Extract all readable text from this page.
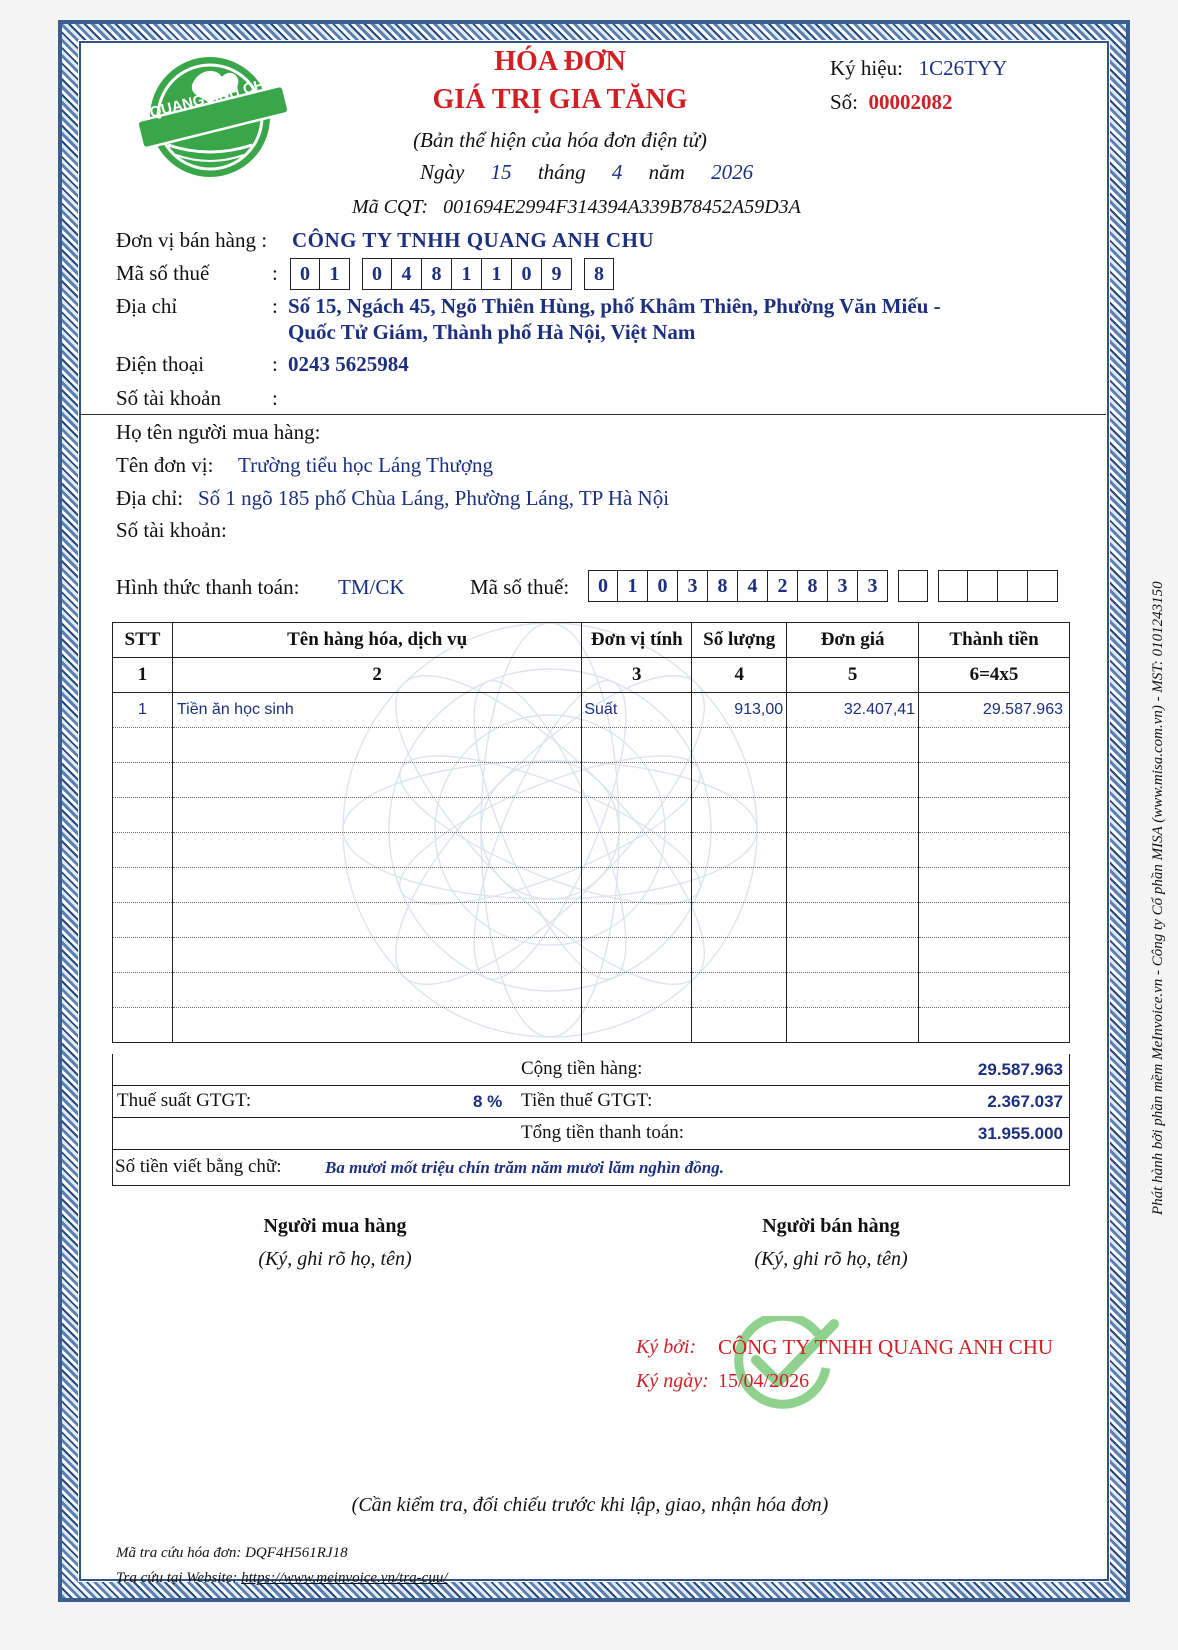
QUANG ANH CHU
HÓA ĐƠN
GIÁ TRỊ GIA TĂNG
(Bản thể hiện của hóa đơn điện tử)
Ngày 15 tháng 4 năm 2026
Mã CQT: 001694E2994F314394A339B78452A59D3A
Ký hiệu: 1C26TYY
Số: 00002082
Đơn vị bán hàng : CÔNG TY TNHH QUANG ANH CHU
Mã số thuế	:	0 1	0 4	8	1	1	0	9	8
Địa chỉ	: Số 15, Ngách 45, Ngõ Thiên Hùng, phố Khâm Thiên, Phường Văn Miếu -
Quốc Tử Giám, Thành phố Hà Nội, Việt Nam
Điện thoại	: 0243 5625984
Số tài khoản :
Họ tên người mua hàng:
Tên đơn vị: Trường tiểu học Láng Thượng
Địa chỉ: Số 1 ngõ 185 phố Chùa Láng, Phường Láng, TP Hà Nội
Số tài khoản:
Hình thức thanh toán: TM/CK	Mã số thuế:	0 1	0	3	8	4	2	8	3	3
STT	Tên hàng hóa, dịch vụ	Đơn vị tính	Số lượng	Đơn giá	Thành tiền
1	2	3	4	5	6=4x5
1	Tiền ăn học sinh	Suất	913,00	32.407,41	29.587.963

Cộng tiền hàng:	29.587.963
Thuế suất GTGT:	8 % Tiền thuế GTGT:	2.367.037
Tổng tiền thanh toán:	31.955.000
Số tiền viết bằng chữ:	Ba mươi mốt triệu chín trăm năm mươi lăm nghìn đồng.
Người mua hàng
(Ký, ghi rõ họ, tên)
Người bán hàng
(Ký, ghi rõ họ, tên)
Ký bởi: CÔNG TY TNHH QUANG ANH CHU
Ký ngày: 15/04/2026
(Cần kiểm tra, đối chiếu trước khi lập, giao, nhận hóa đơn)
Mã tra cứu hóa đơn: DQF4H561RJ18
Tra cứu tại Website: https://www.meinvoice.vn/tra-cuu/
Phát hành bởi phần mềm MeInvoice.vn - Công ty Cổ phần MISA (www.misa.com.vn) - MST: 0101243150
